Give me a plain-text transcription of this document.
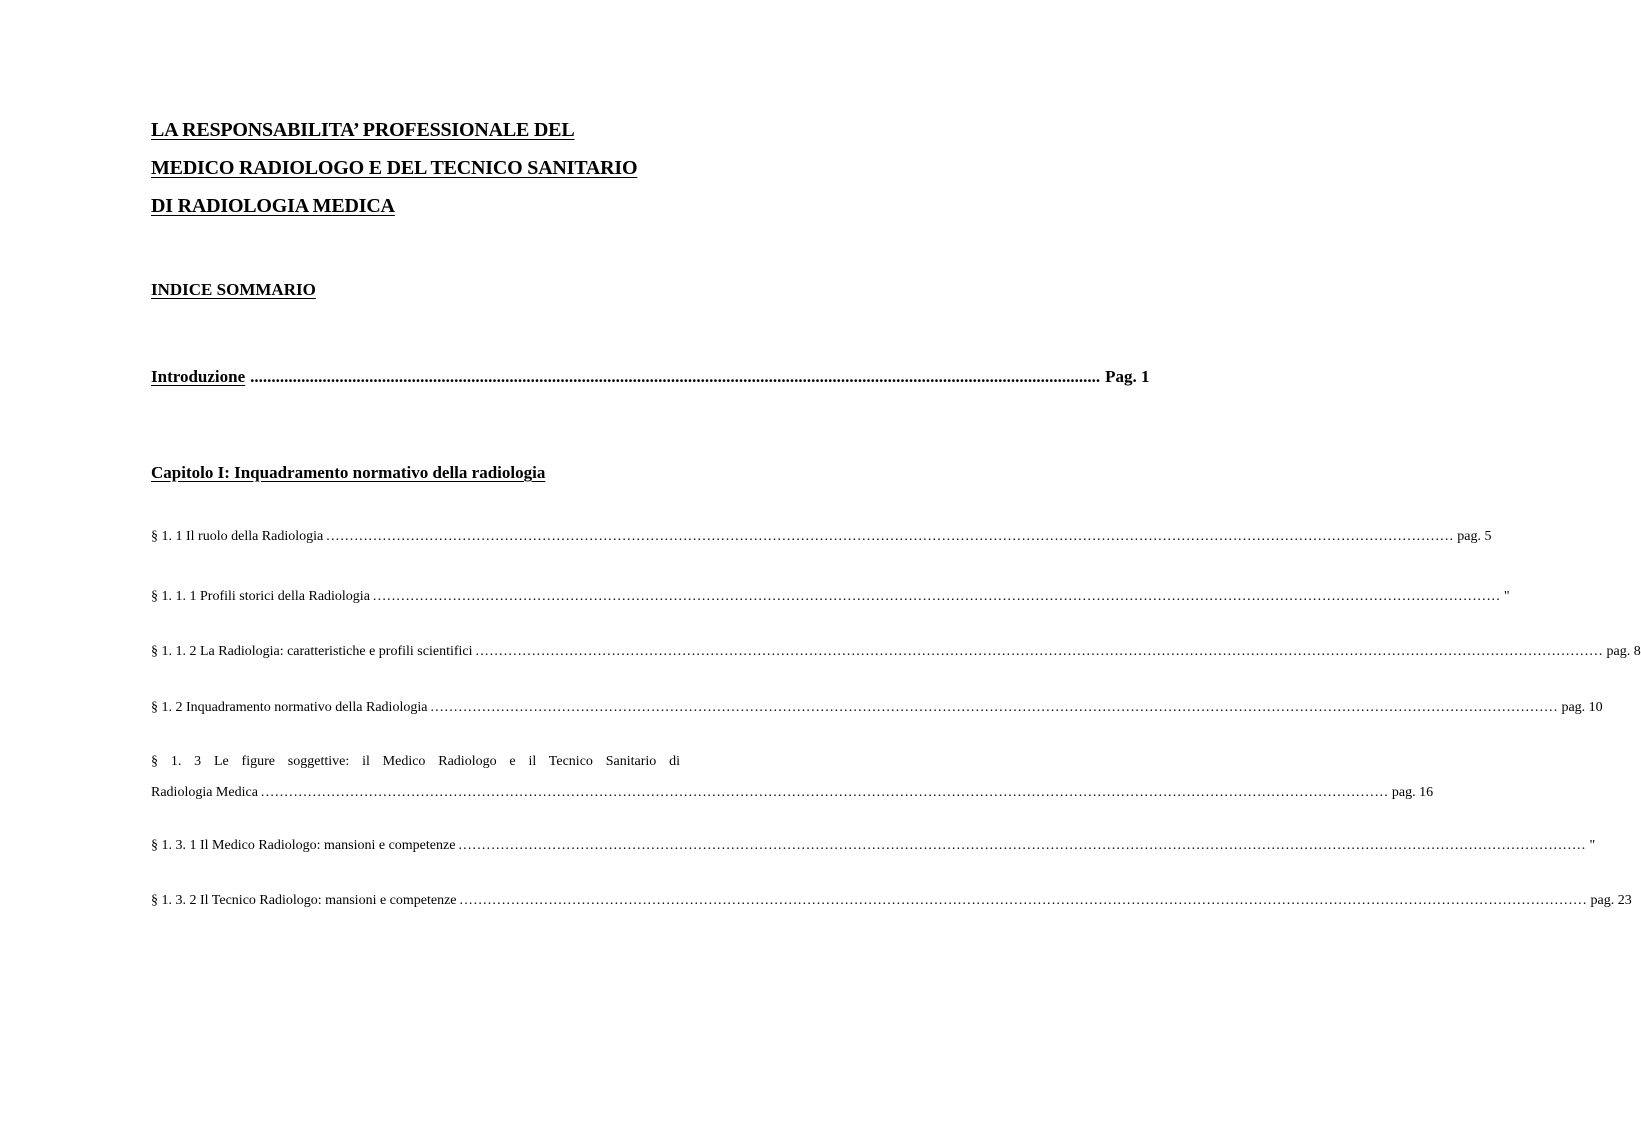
LA RESPONSABILITA’ PROFESSIONALE DEL
MEDICO RADIOLOGO E DEL TECNICO SANITARIO
DI RADIOLOGIA MEDICA
INDICE SOMMARIO
Introduzione .....	Pag. 1
Capitolo I: Inquadramento normativo della radiologia
§ 1. 1 Il ruolo della Radiologia .....	pag. 5
§ 1. 1. 1 Profili storici della Radiologia .....	"
§ 1. 1. 2 La Radiologia: caratteristiche e profili scientifici .....	pag. 8
§ 1. 2 Inquadramento normativo della Radiologia .....	pag. 10
§ 1. 3 Le figure soggettive: il Medico Radiologo e il Tecnico Sanitario di
Radiologia Medica .....	pag. 16
§ 1. 3. 1 Il Medico Radiologo: mansioni e competenze .....	"
§ 1. 3. 2 Il Tecnico Radiologo: mansioni e competenze .....	pag. 23
